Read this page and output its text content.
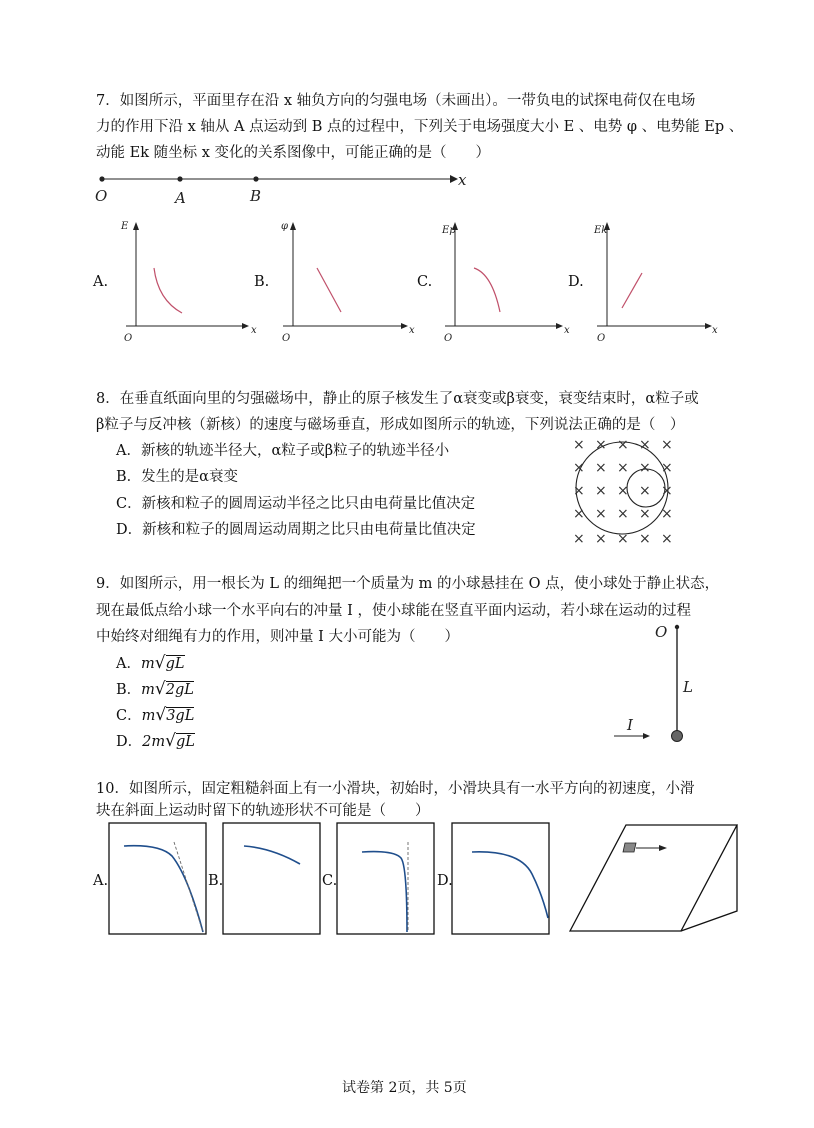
7．如图所示，平面里存在沿 x 轴负方向的匀强电场（未画出）。一带负电的试探电荷仅在电场
力的作用下沿 x 轴从 A 点运动到 B 点的过程中，下列关于电场强度大小 E 、电势 φ 、电势能 Ep 、
动能 Ek 随坐标 x 变化的关系图像中，可能正确的是（　　）
O	A	B
x
A.
E
x
O
B.
φ
x
O
C.
Ep
x
O
D.
Ek
x
O
8．在垂直纸面向里的匀强磁场中，静止的原子核发生了α衰变或β衰变，衰变结束时，α粒子或
β粒子与反冲核（新核）的速度与磁场垂直，形成如图所示的轨迹，下列说法正确的是（　）
A．新核的轨迹半径大，α粒子或β粒子的轨迹半径小
B．发生的是α衰变
C．新核和粒子的圆周运动半径之比只由电荷量比值决定
D．新核和粒子的圆周运动周期之比只由电荷量比值决定
× × × × ×
× × × × ×
× × × × ×
× × × × ×
× × × × ×
9．如图所示，用一根长为 L 的细绳把一个质量为 m 的小球悬挂在 O 点，使小球处于静止状态，
现在最低点给小球一个水平向右的冲量 I ，使小球能在竖直平面内运动，若小球在运动的过程
中始终对细绳有力的作用，则冲量 I 大小可能为（　　）
A．m√gL
B．m√2gL
C．m√3gL
D．2m√gL
O
L
I
10．如图所示，固定粗糙斜面上有一小滑块，初始时，小滑块具有一水平方向的初速度，小滑
块在斜面上运动时留下的轨迹形状不可能是（　　）
A.	B.	C.	D.
试卷第 2页，共 5页
